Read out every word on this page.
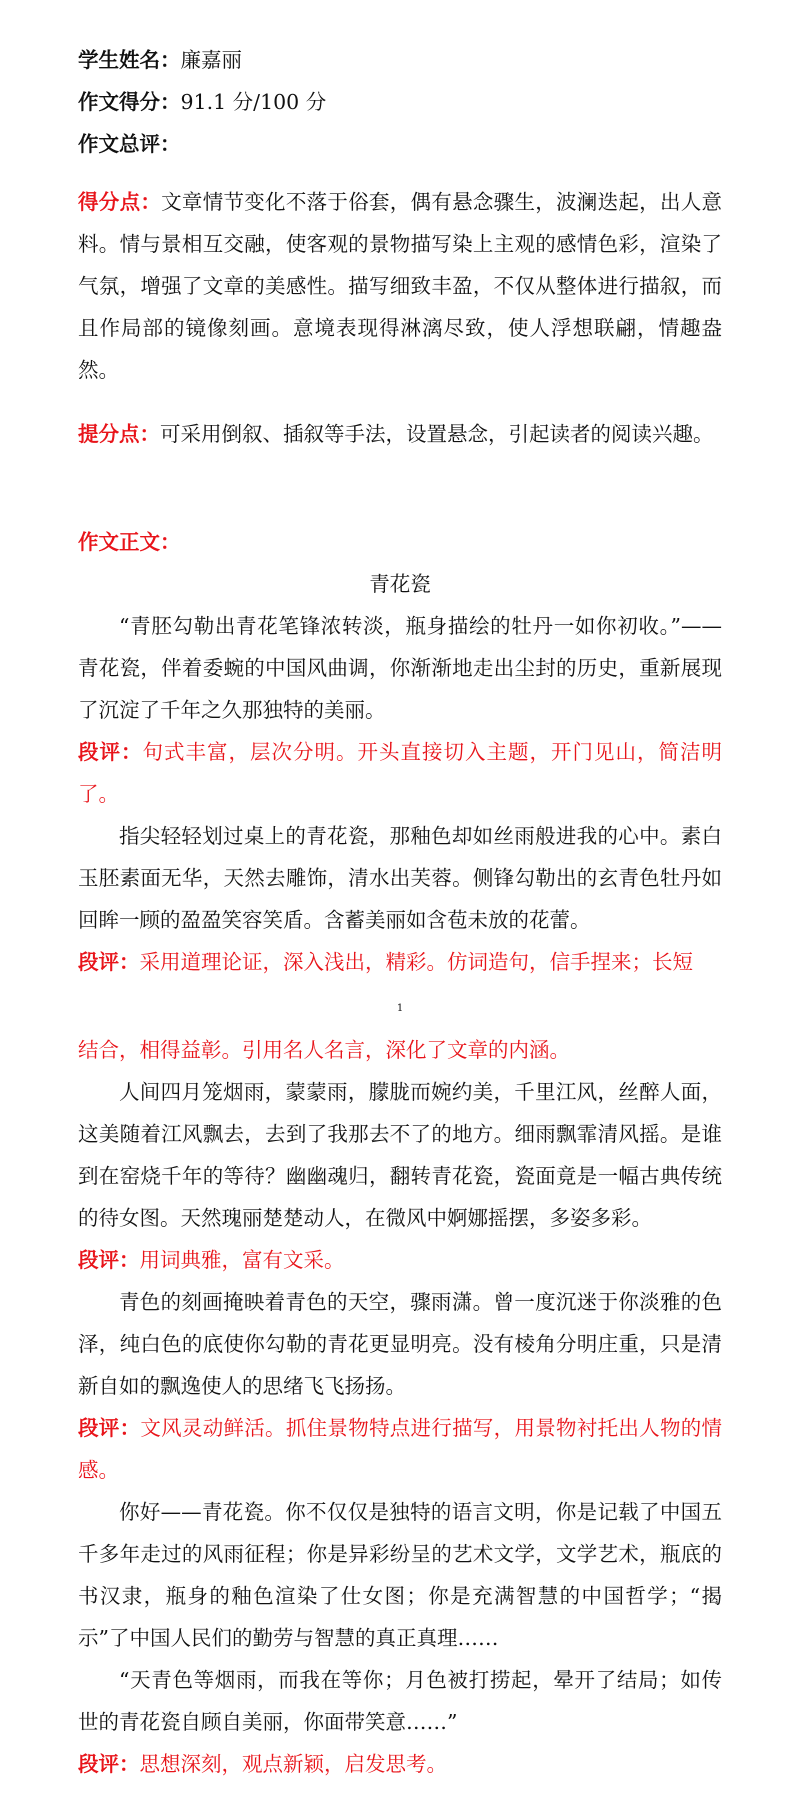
学生姓名：廉嘉丽
作文得分：91.1 分/100 分
作文总评：
得分点：文章情节变化不落于俗套，偶有悬念骤生，波澜迭起，出人意料。情与景相互交融，使客观的景物描写染上主观的感情色彩，渲染了气氛，增强了文章的美感性。描写细致丰盈，不仅从整体进行描叙，而且作局部的镜像刻画。意境表现得淋漓尽致，使人浮想联翩，情趣盎然。
提分点：可采用倒叙、插叙等手法，设置悬念，引起读者的阅读兴趣。
作文正文：
青花瓷
“青胚勾勒出青花笔锋浓转淡，瓶身描绘的牡丹一如你初收。”——青花瓷，伴着委蜿的中国风曲调，你渐渐地走出尘封的历史，重新展现了沉淀了千年之久那独特的美丽。
段评：句式丰富，层次分明。开头直接切入主题，开门见山，简洁明了。
指尖轻轻划过桌上的青花瓷，那釉色却如丝雨般进我的心中。素白玉胚素面无华，天然去雕饰，清水出芙蓉。侧锋勾勒出的玄青色牡丹如回眸一顾的盈盈笑容笑盾。含蓄美丽如含苞未放的花蕾。
段评：采用道理论证，深入浅出，精彩。仿词造句，信手捏来；长短
1
结合，相得益彰。引用名人名言，深化了文章的内涵。
人间四月笼烟雨，蒙蒙雨，朦胧而婉约美，千里江风，丝醉人面，这美随着江风飘去，去到了我那去不了的地方。细雨飘霏清风摇。是谁到在窑烧千年的等待？幽幽魂归，翻转青花瓷，瓷面竟是一幅古典传统的待女图。天然瑰丽楚楚动人，在微风中婀娜摇摆，多姿多彩。
段评：用词典雅，富有文采。
青色的刻画掩映着青色的天空，骤雨潇。曾一度沉迷于你淡雅的色泽，纯白色的底使你勾勒的青花更显明亮。没有棱角分明庄重，只是清新自如的飘逸使人的思绪飞飞扬扬。
段评：文风灵动鲜活。抓住景物特点进行描写，用景物衬托出人物的情感。
你好——青花瓷。你不仅仅是独特的语言文明，你是记载了中国五千多年走过的风雨征程；你是异彩纷呈的艺术文学，文学艺术，瓶底的书汉隶，瓶身的釉色渲染了仕女图；你是充满智慧的中国哲学；“揭示”了中国人民们的勤劳与智慧的真正真理……
“天青色等烟雨，而我在等你；月色被打捞起，晕开了结局；如传世的青花瓷自顾自美丽，你面带笑意……”
段评：思想深刻，观点新颖，启发思考。
